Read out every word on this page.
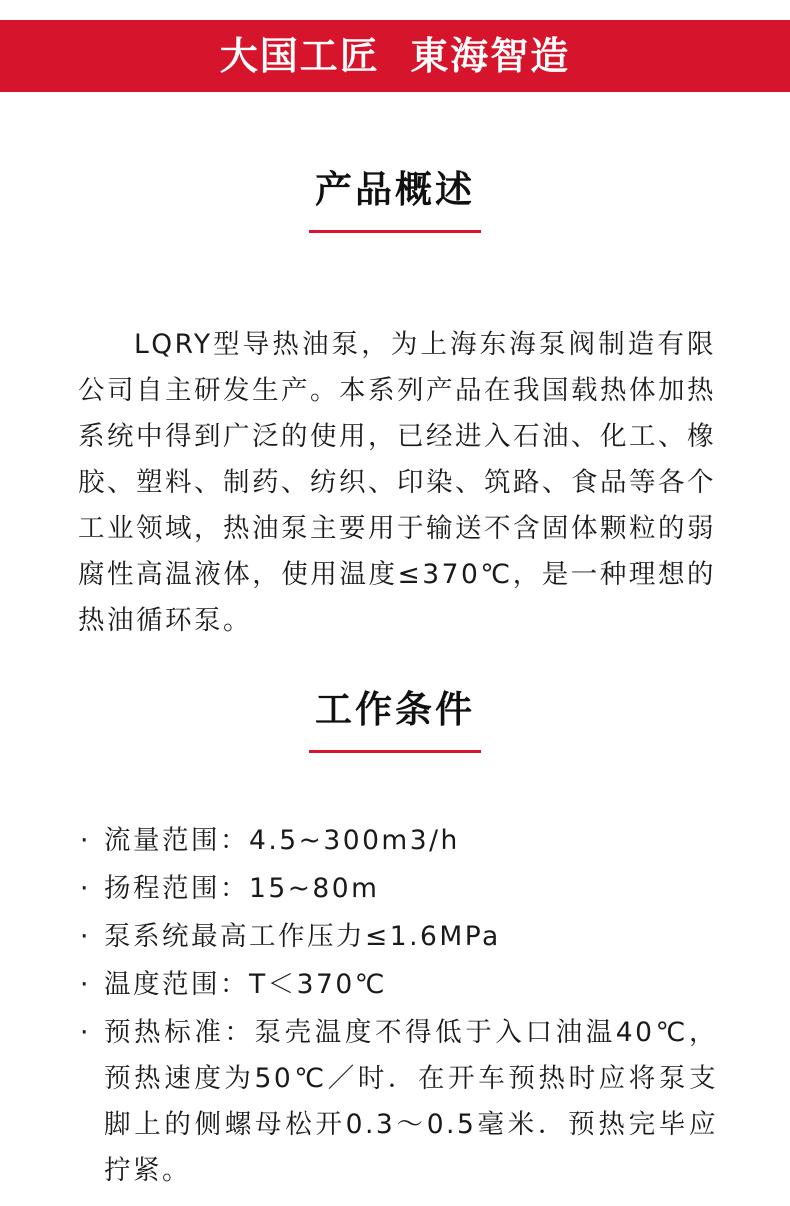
大国工匠  東海智造
产品概述

LQRY型导热油泵，为上海东海泵阀制造有限公司自主研发生产。本系列产品在我国载热体加热系统中得到广泛的使用，已经进入石油、化工、橡胶、塑料、制药、纺织、印染、筑路、食品等各个工业领域，热油泵主要用于输送不含固体颗粒的弱腐性高温液体，使用温度≤370℃，是一种理想的热油循环泵。

工作条件
· 流量范围：4.5~300m3/h
· 扬程范围：15~80m
· 泵系统最高工作压力≤1.6MPa
· 温度范围：T＜370℃
· 预热标准：泵壳温度不得低于入口油温40℃，预热速度为50℃／时．在开车预热时应将泵支脚上的侧螺母松开0.3～0.5毫米．预热完毕应拧紧。
